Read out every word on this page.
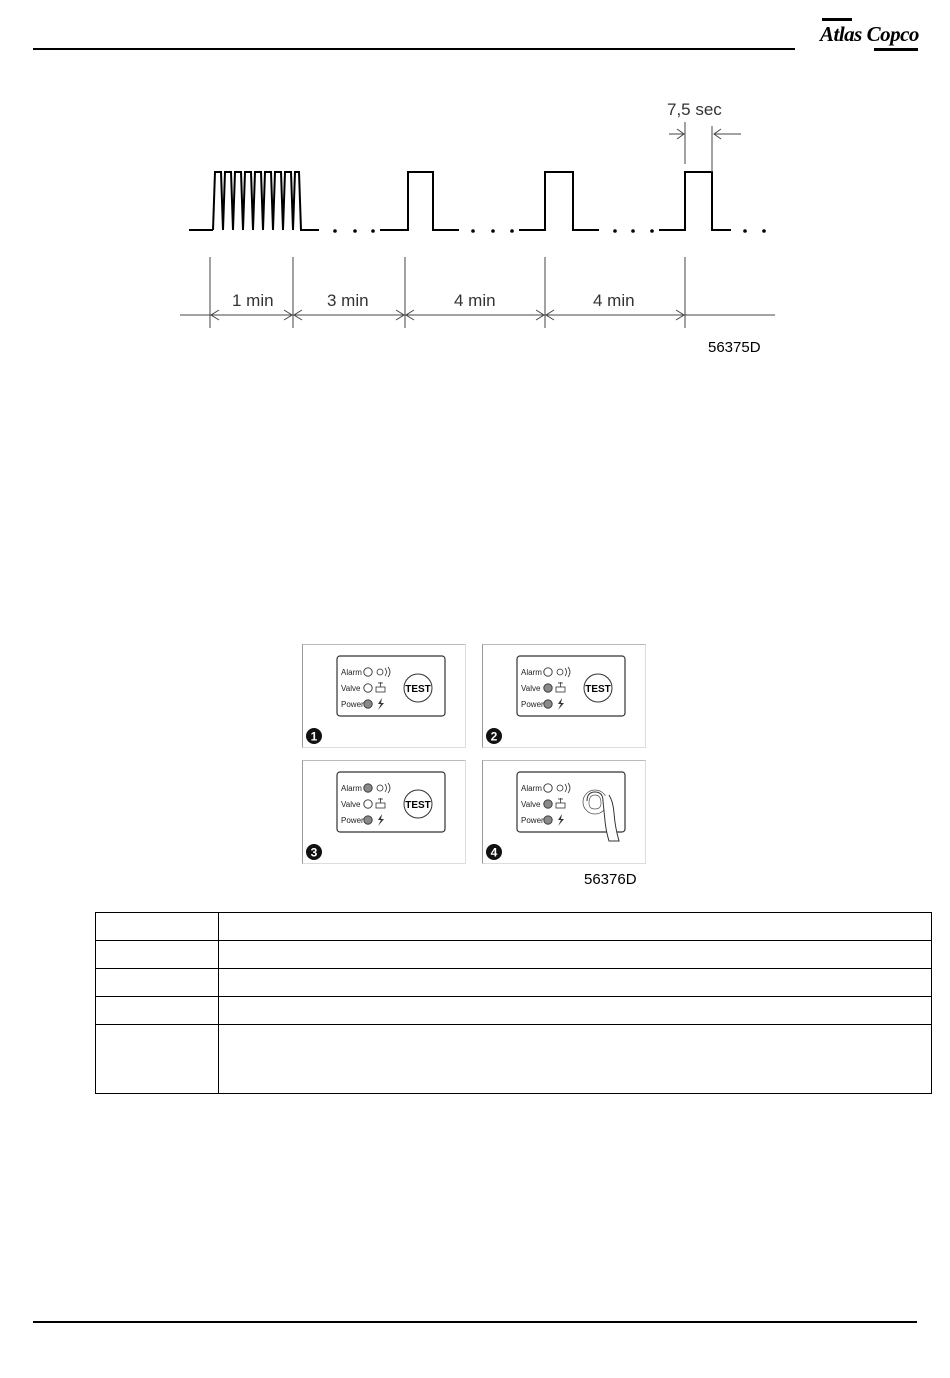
Atlas Copco
7,5 sec
1 min	3 min	4 min	4 min
56375D
Alarm
Valve
Power
TEST
1
Alarm
Valve
Power
TEST
2
Alarm
Valve
Power
TEST
3
Alarm
Valve
Power
4
56376D
